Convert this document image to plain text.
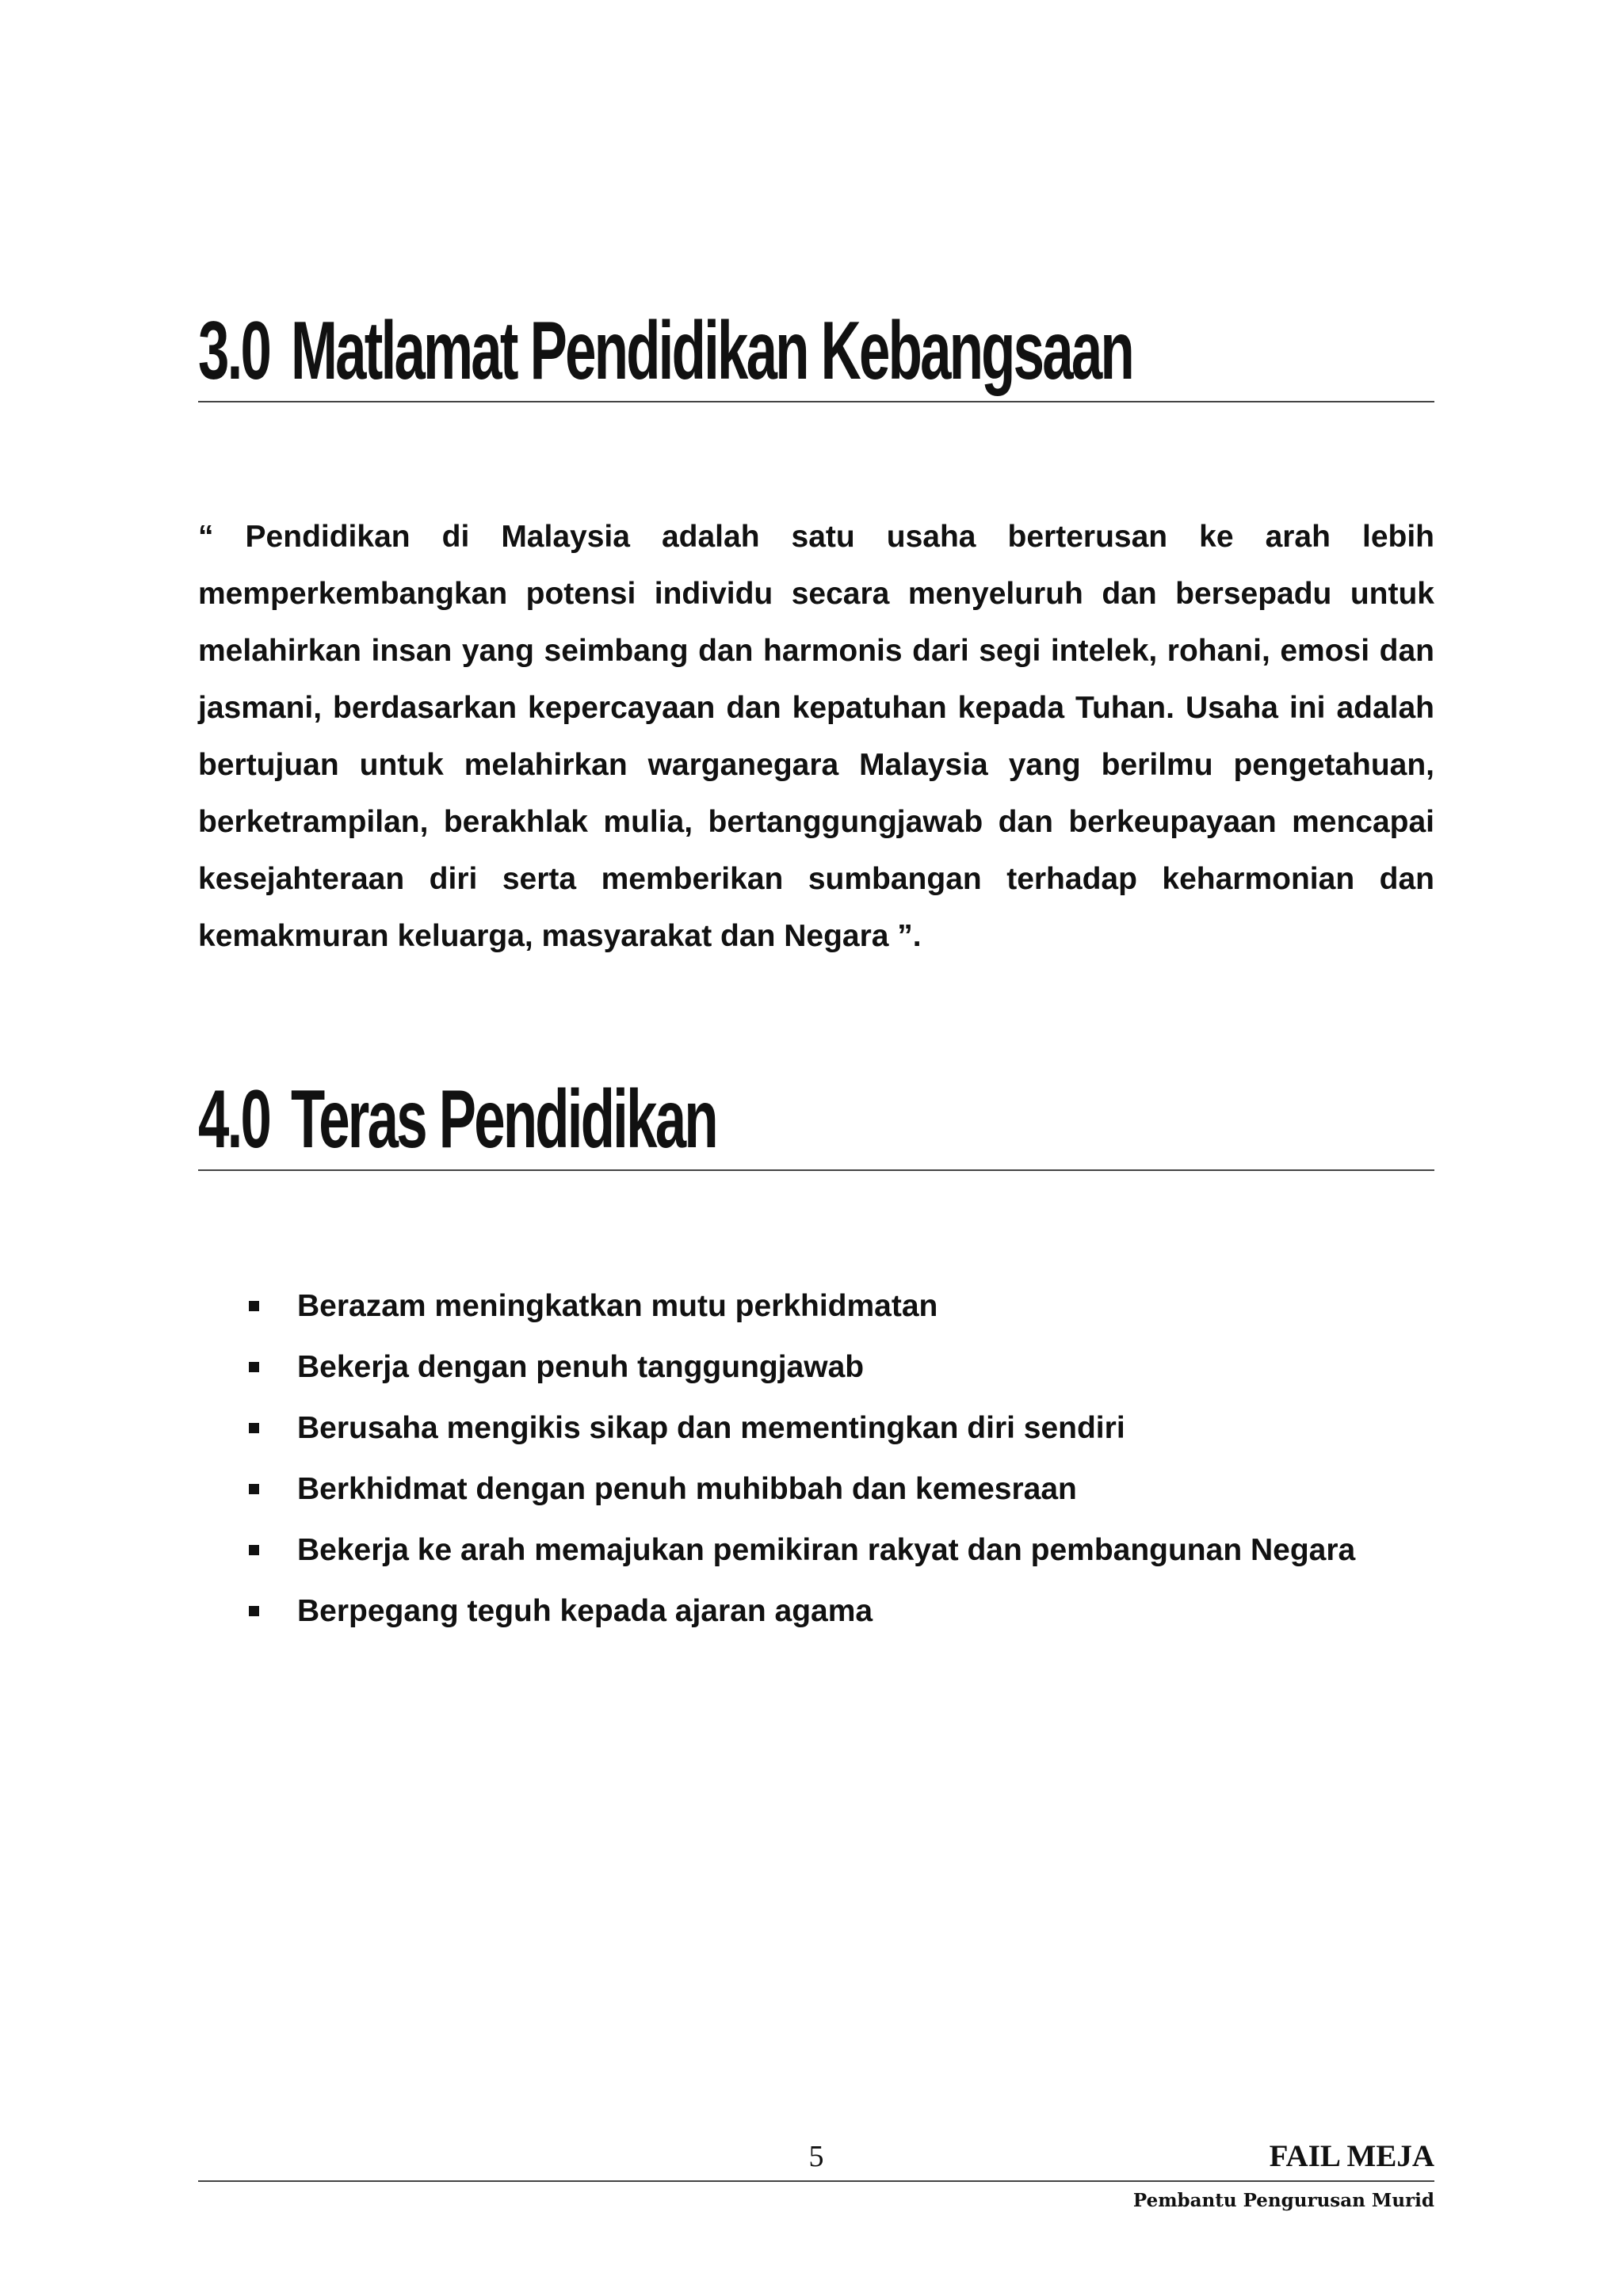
3.0 Matlamat Pendidikan Kebangsaan

“ Pendidikan di Malaysia adalah satu usaha berterusan ke arah lebih memperkembangkan potensi individu secara menyeluruh dan bersepadu untuk melahirkan insan yang seimbang dan harmonis dari segi intelek, rohani, emosi dan jasmani, berdasarkan kepercayaan dan kepatuhan kepada Tuhan. Usaha ini adalah bertujuan untuk melahirkan warganegara Malaysia yang berilmu pengetahuan, berketrampilan, berakhlak mulia, bertanggungjawab dan berkeupayaan mencapai kesejahteraan diri serta memberikan sumbangan terhadap keharmonian dan kemakmuran keluarga, masyarakat dan Negara ”.

4.0 Teras Pendidikan
Berazam meningkatkan mutu perkhidmatan
Bekerja dengan penuh tanggungjawab
Berusaha mengikis sikap dan mementingkan diri sendiri
Berkhidmat dengan penuh muhibbah dan kemesraan
Bekerja ke arah memajukan pemikiran rakyat dan pembangunan Negara
Berpegang teguh kepada ajaran agama
5	FAIL MEJA
Pembantu Pengurusan Murid
